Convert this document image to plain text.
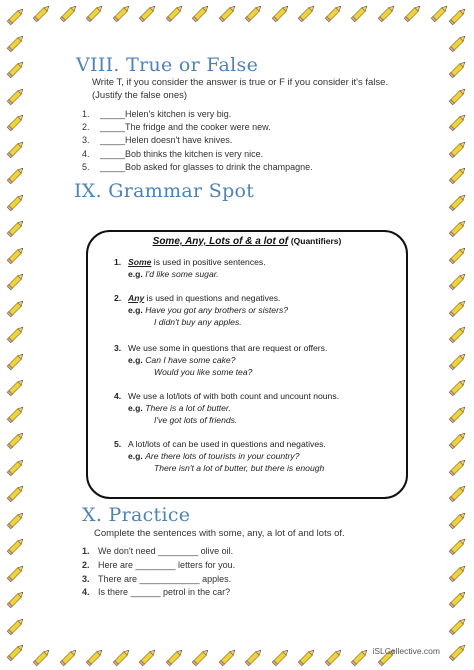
VIII. True or False
Write T, if you consider the answer is true or F if you consider it's false. (Justify the false ones)
1. _____Helen's kitchen is very big.
2. _____The fridge and the cooker were new.
3. _____Helen doesn't have knives.
4. _____Bob thinks the kitchen is very nice.
5. _____Bob asked for glasses to drink the champagne.
IX. Grammar Spot
Some, Any, Lots of & a lot of (Quantifiers)
1. Some is used in positive sentences.
e.g. I'd like some sugar.
2. Any is used in questions and negatives.
e.g. Have you got any brothers or sisters?
I didn't buy any apples.
3. We use some in questions that are request or offers.
e.g. Can I have some cake?
Would you like some tea?
4. We use a lot/lots of with both count and uncount nouns.
e.g. There is a lot of butter.
I've got lots of friends.
5. A lot/lots of can be used in questions and negatives.
e.g. Are there lots of tourists in your country?
There isn't a lot of butter, but there is enough
X. Practice
Complete the sentences with some, any, a lot of and lots of.
1. We don't need ________ olive oil.
2. Here are ________ letters for you.
3. There are ____________ apples.
4. Is there ______ petrol in the car?
iSLCollective.com
